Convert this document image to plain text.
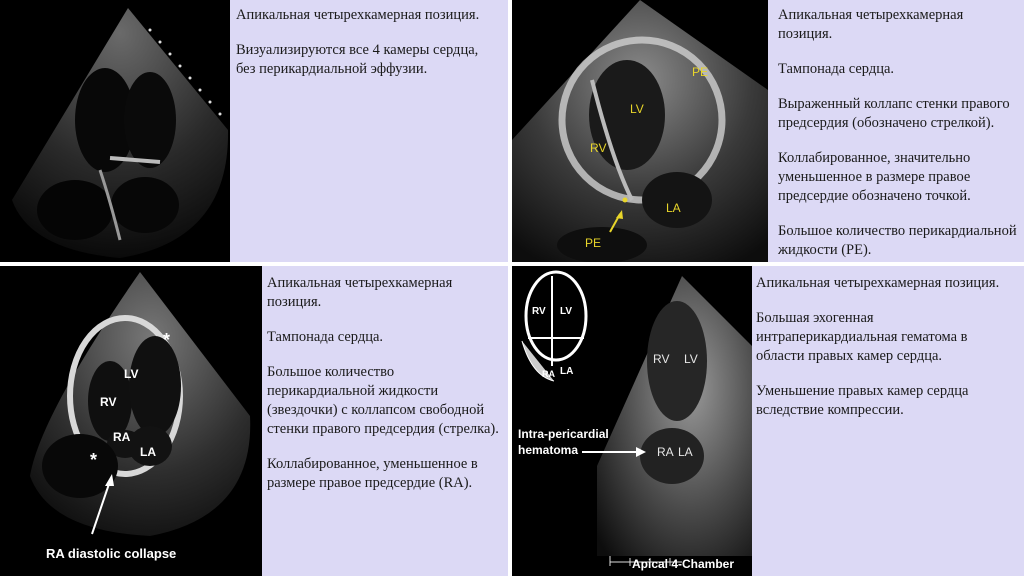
Апикальная четырехкамерная позиция.

Визуализируются все 4 камеры сердца, без перикардиальной эффузии.	PE
LV
RV
LA
PE

Апикальная четырехкамерная позиция.

Тампонада сердца.

Выраженный коллапс стенки правого предсердия (обозначено стрелкой).

Коллабированное, значительно уменьшенное в размере правое предсердие обозначено точкой.

Большое количество перикардиальной жидкости (PE).

LV
RV
RA
LA
*
*
RA diastolic collapse

Апикальная четырехкамерная позиция.

Тампонада сердца.

Большое количество перикардиальной жидкости (звездочки) с коллапсом свободной стенки правого предсердия (стрелка).

Коллабированное, уменьшенное в размере правое предсердие (RA).

RV LV
RA LA
RV LV
RA LA
Intra-pericardial
hematoma
Apical 4-Chamber

Апикальная четырехкамерная позиция.

Большая эхогенная интраперикардиальная гематома в области правых камер сердца.

Уменьшение правых камер сердца вследствие компрессии.
